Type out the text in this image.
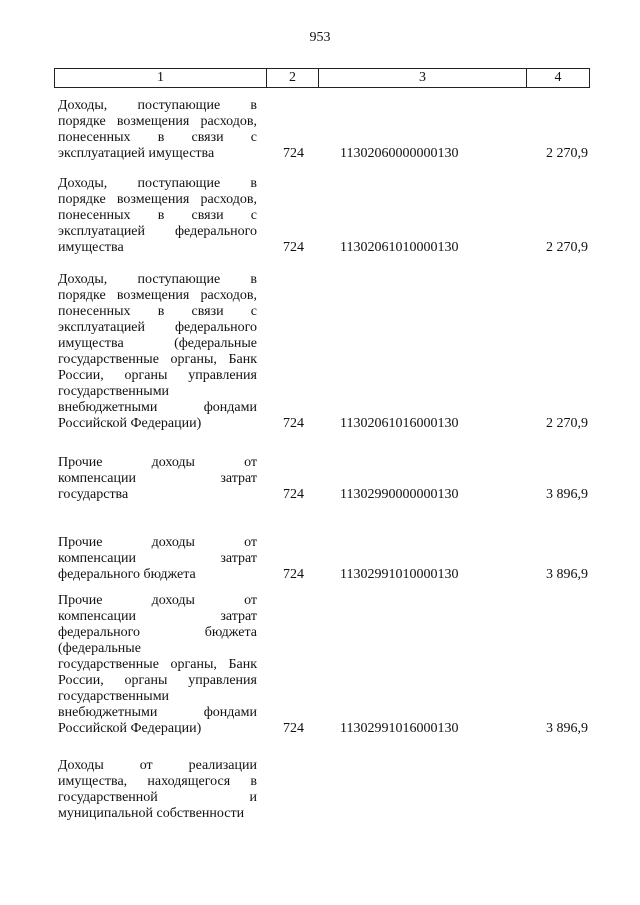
953
1	2	3	4
Доходы, поступающие в
порядке возмещения расходов,
понесенных в связи с
эксплуатацией имущества	724	11302060000000130	2 270,9
Доходы, поступающие в
порядке возмещения расходов,
понесенных в связи с
эксплуатацией федерального
имущества	724	11302061010000130	2 270,9
Доходы, поступающие в
порядке возмещения расходов,
понесенных в связи с
эксплуатацией федерального
имущества	(федеральные
государственные органы, Банк
России, органы управления
государственными
внебюджетными	фондами
Российской Федерации)	724	11302061016000130	2 270,9
Прочие	доходы	от
компенсации	затрат
государства	724	11302990000000130	3 896,9
Прочие	доходы	от
компенсации	затрат
федерального бюджета	724	11302991010000130	3 896,9
Прочие	доходы	от
компенсации	затрат
федерального	бюджета
(федеральные
государственные органы, Банк
России, органы управления
государственными
внебюджетными	фондами
Российской Федерации)	724	11302991016000130	3 896,9
Доходы	от	реализации
имущества, находящегося в
государственной	и
муниципальной собственности
